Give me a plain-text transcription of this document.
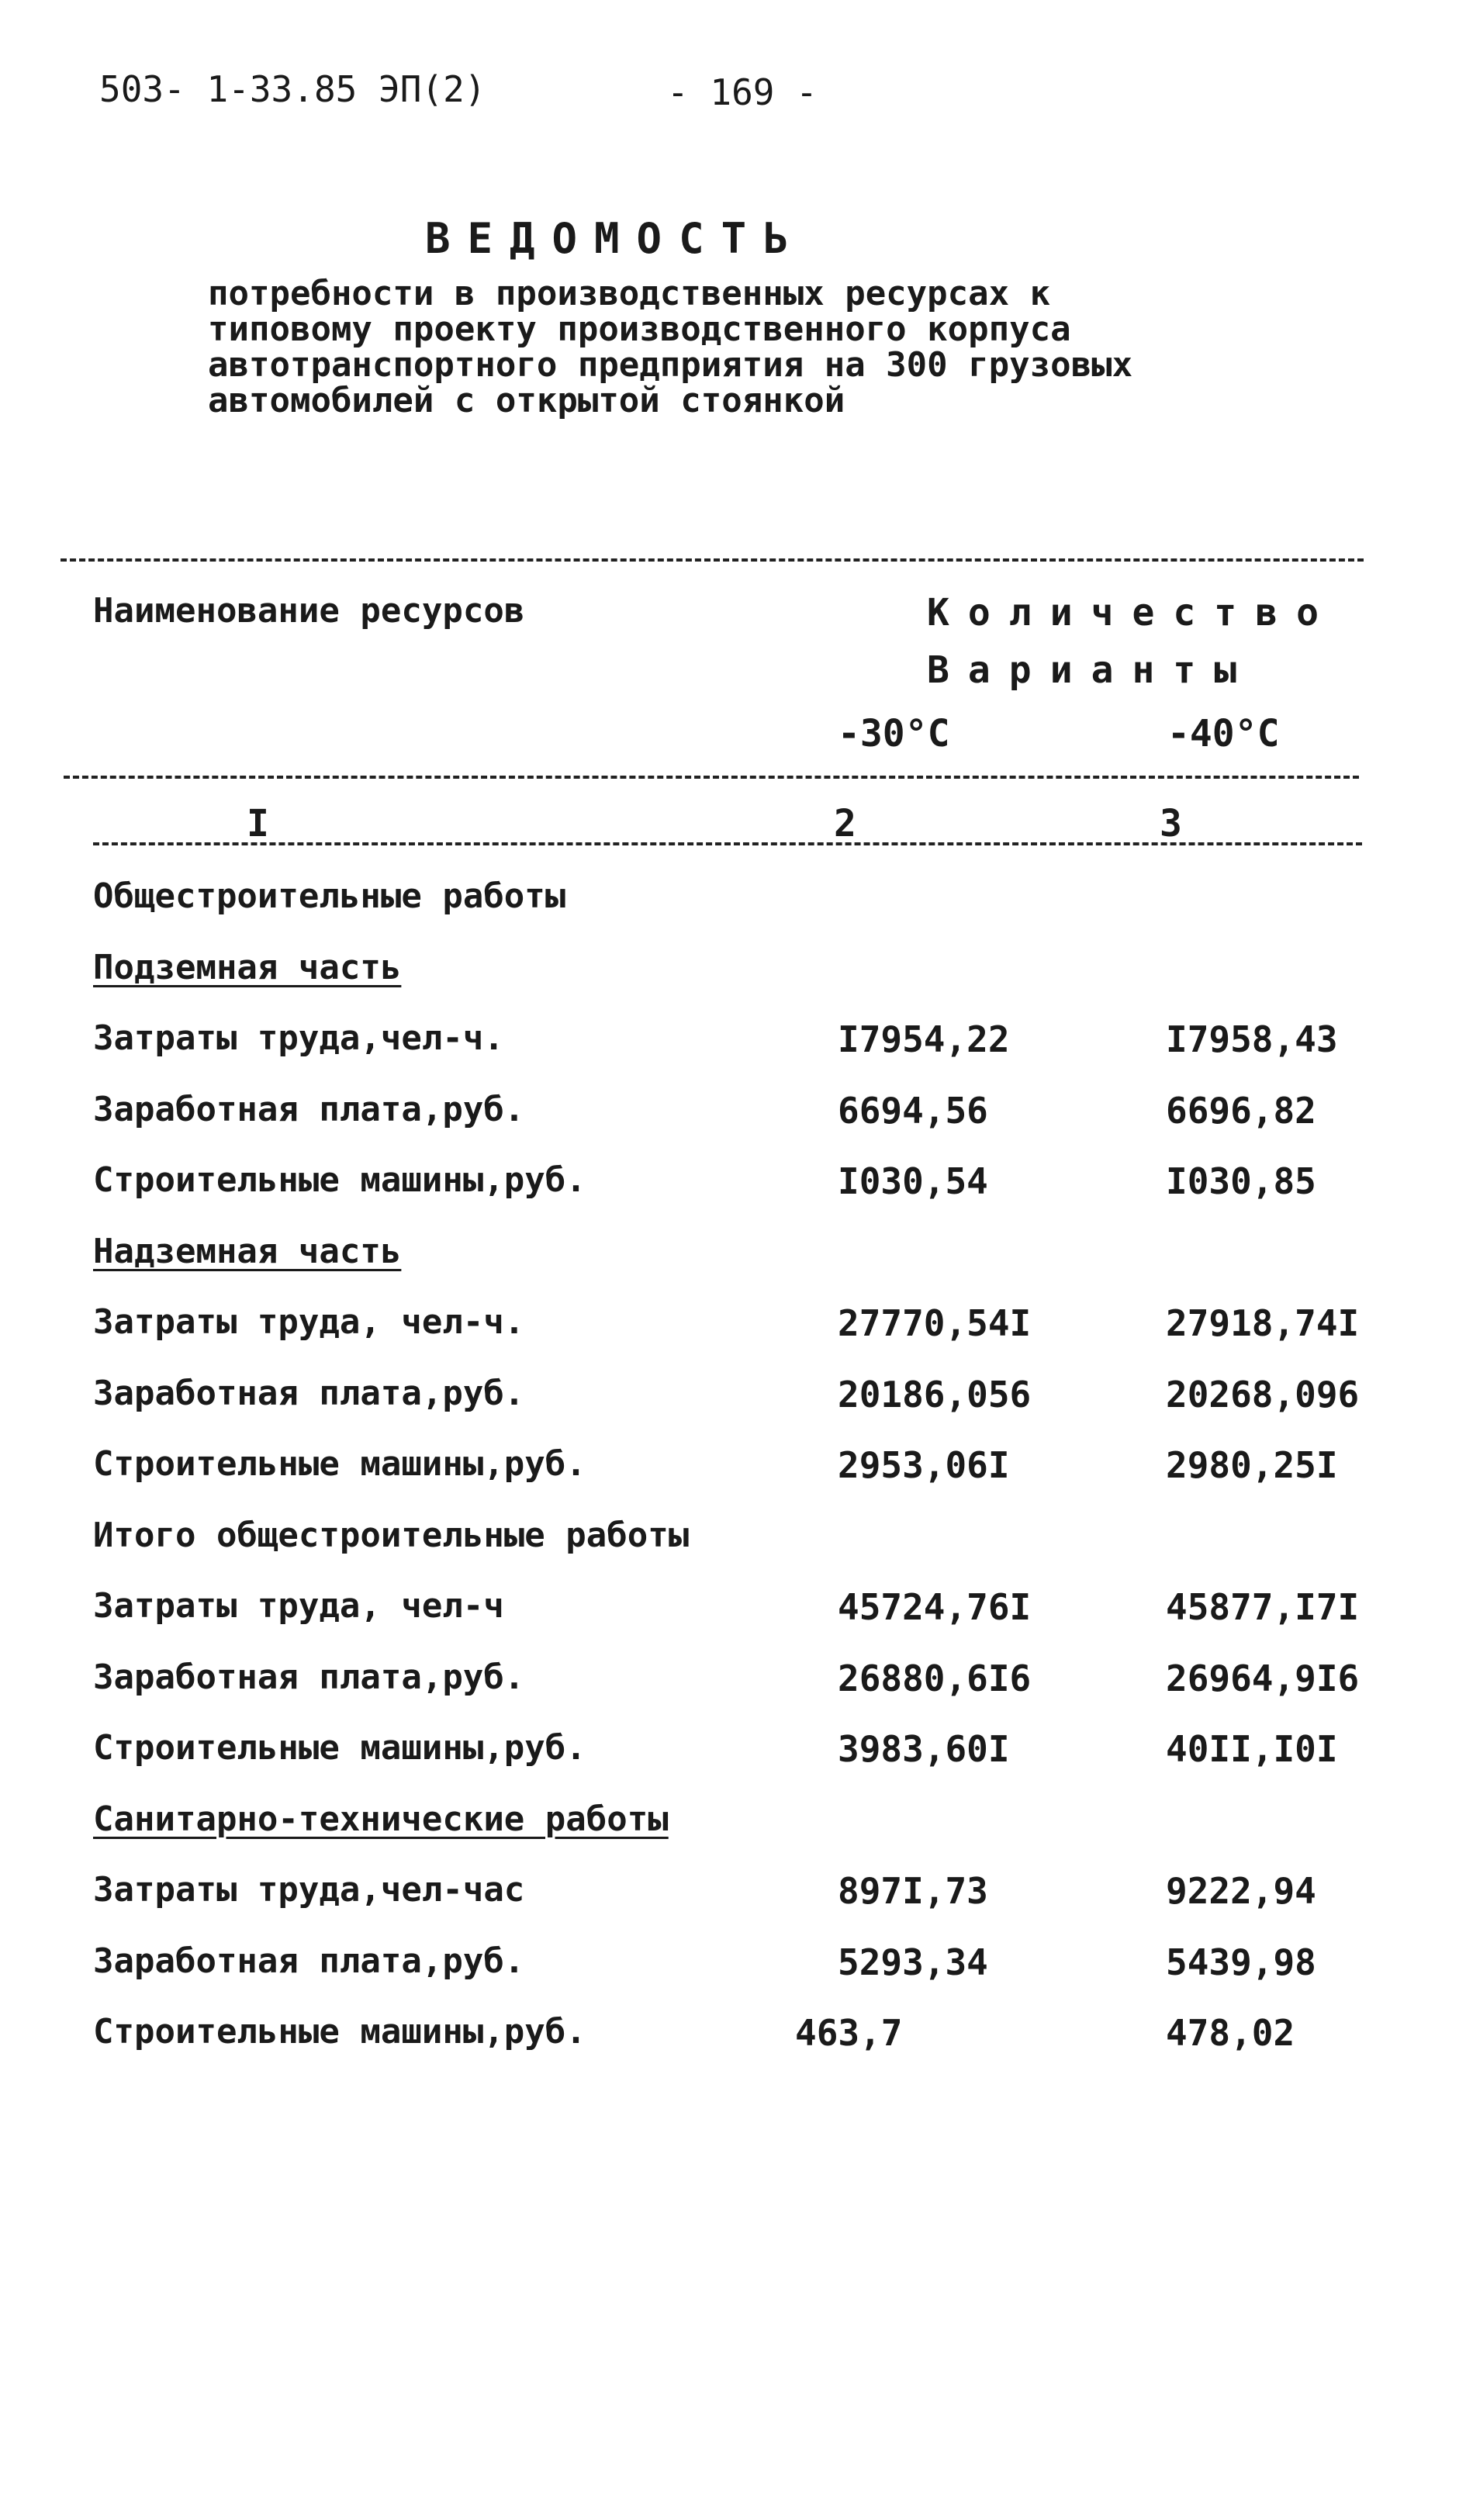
503- 1-33.85 ЭП(2)	- 169 -
ВЕДОМОСТЬ
потребности в производственных ресурсах к
типовому проекту производственного корпуса
автотранспортного предприятия на 300 грузовых
автомобилей с открытой стоянкой
Наименование ресурсов	Количество
Варианты
-30°С	-40°С
I	2	3
Общестроительные работы
Подземная часть
Затраты труда,чел-ч.	I7954,22	I7958,43
Заработная плата,руб.	6694,56	6696,82
Строительные машины,руб.	I030,54	I030,85
Надземная часть
Затраты труда, чел-ч.	27770,54I	27918,74I
Заработная плата,руб.	20186,056	20268,096
Строительные машины,руб.	2953,06I	2980,25I
Итого общестроительные работы
Затраты труда, чел-ч	45724,76I	45877,I7I
Заработная плата,руб.	26880,6I6	26964,9I6
Строительные машины,руб.	3983,60I	40II,I0I
Санитарно-технические работы
Затраты труда,чел-час	897I,73	9222,94
Заработная плата,руб.	5293,34	5439,98
Строительные машины,руб.	463,7	478,02
